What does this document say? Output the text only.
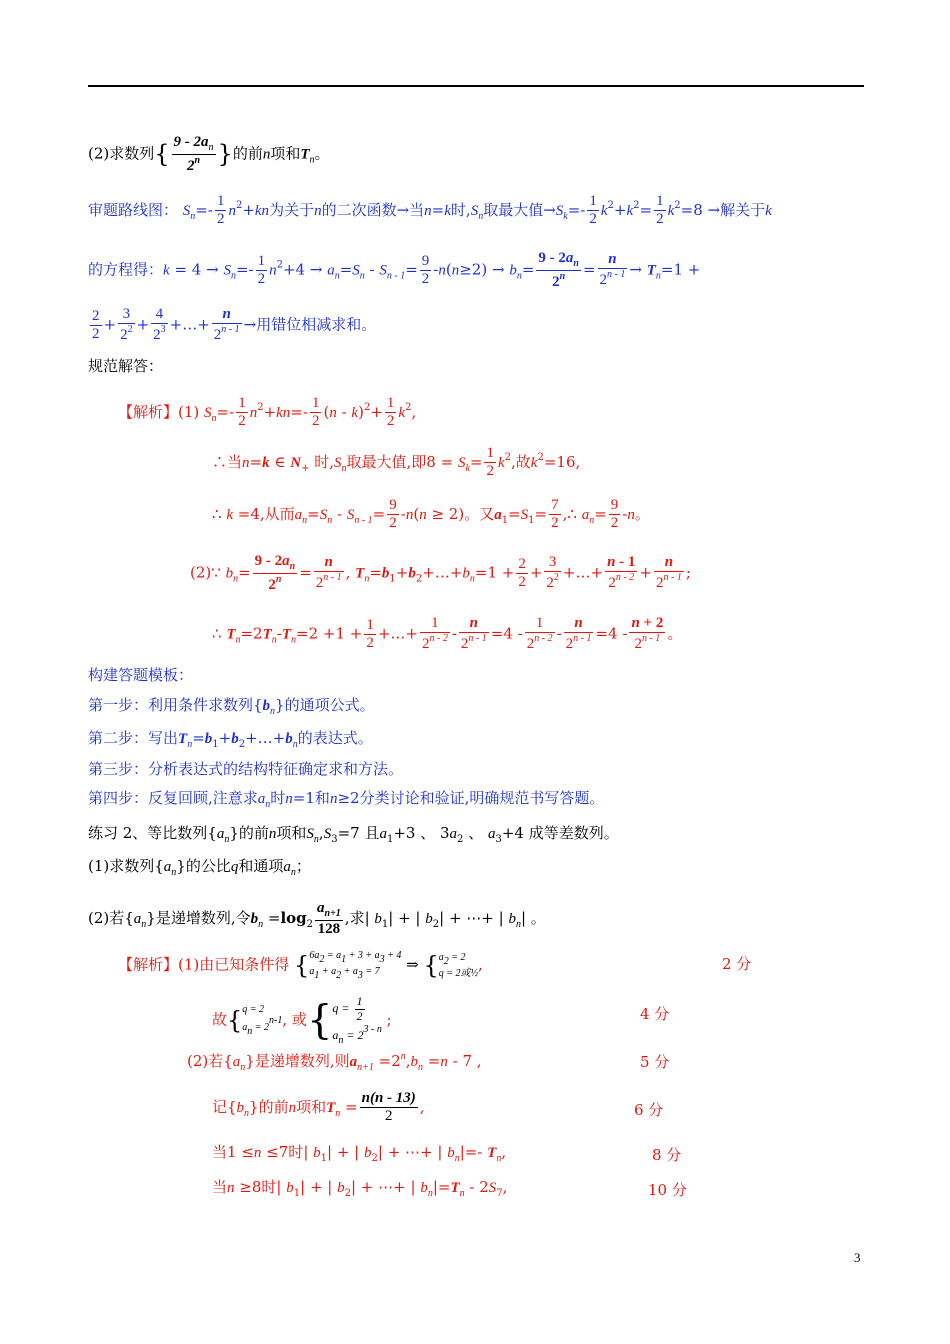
(2)求数列{ $\frac{9 - 2a_n}{2^n}$ }的前n项和$T_n$。
审题路线图： $S_n=- \frac{1}{2} n^2+kn$为关于n的二次函数→当n=k时$,S_n$取最大值$\to S_k=- \frac{1}{2} k^2+k^2= \frac{1}{2} k^2=8$ →解关于k
的方程得：$k = 4 \to S_n=- \frac{1}{2} n^2+4 \to a_n=S_n - S_{n - 1}= \frac{9}{2} -n(n\ge 2) \to b_n= \frac{9 - 2a_n}{2^n} = \frac{n}{2^{n - 1}} \to T_n=1$ +
$\frac{2}{2} + \frac{3}{2^2} + \frac{4}{2^3}$ +…+ $\frac{n}{2^{n - 1}}$ →用错位相减求和。
规范解答：
【解析】(1) $S_n=- \frac{1}{2} n^2+kn=- \frac{1}{2} (n - k)^2+ \frac{1}{2} k^2$,
∴当n=k ∈ $N_+$ 时$,S_n$取最大值,即$8 = S_k= \frac{1}{2} k^2$,故$k^2=16$,
∴ k =4,从而$a_n=S_n - S_{n - 1}= \frac{9}{2} -n(n \ge 2)$。又$a_1=S_1= \frac{7}{2}$ ,∴ $a_n= \frac{9}{2} -n$。
(2)∵ $b_n= \frac{9 - 2a_n}{2^n} = \frac{n}{2^{n - 1}}$ , $T_n=b_1+b_2+\dots+b_n=1 + \frac{2}{2} + \frac{3}{2^2}$ +…+ $\frac{n - 1}{2^{n - 2}} + \frac{n}{2^{n - 1}}$ ;
∴ $T_n=2T_n-T_n=2 +1 + \frac{1}{2}$ +…+ $\frac{1}{2^{n - 2}} - \frac{n}{2^{n - 1}} =4 - \frac{1}{2^{n - 2}} - \frac{n}{2^{n - 1}} =4 - \frac{n + 2}{2^{n - 1}}$ 。
构建答题模板：
第一步：利用条件求数列$\{b_n\}$的通项公式。
第二步：写出$T_n=b_1+b_2+\dots+b_n$的表达式。
第三步：分析表达式的结构特征确定求和方法。
第四步：反复回顾,注意求$a_n$时n=1和n≥2分类讨论和验证,明确规范书写答题。
练习 2、等比数列$\{a_n\}$的前n项和$S_n,S_3=7$ 且$a_1+3$ 、 $3a_2$ 、 $a_3+4$ 成等差数列。
(1)求数列$\{a_n\}$的公比q和通项$a_n$；
(2)若$\{a_n\}$是递增数列,令$b_n =\log_2 \frac{a_{n+1}}{128}$ ,求| $b_1|$ + | $b_2|$ + ⋯+ | $b_n|$ 。
【解析】(1)由已知条件得 { 6a2 = a1 + 3 + a3 + 4
a1 + a2 + a3 = 7	⇒ { a2 = 2
q = 2或½ ,	2 分
故{ q = 2
an = 2n-1 , 或{ $q = \frac{1}{2}$
$a_n = 2^{3 - n}$
;	4 分
(2)若$\{a_n\}$是递增数列,则$a_{n+1} =2^n,b_n =n - 7$ ,	5 分
记$\{b_n\}$的前n项和$T_n = \frac{n(n - 13)}{2}$ ,	6 分
当1 ≤n ≤7时| $b_1|$ + | $b_2|$ + ⋯+ | $b_n|=-$ $T_n$,	8 分
当n ≥8时| $b_1|$ + | $b_2|$ + ⋯+ | $b_n|=T_n - 2S_7$,	10 分
3
